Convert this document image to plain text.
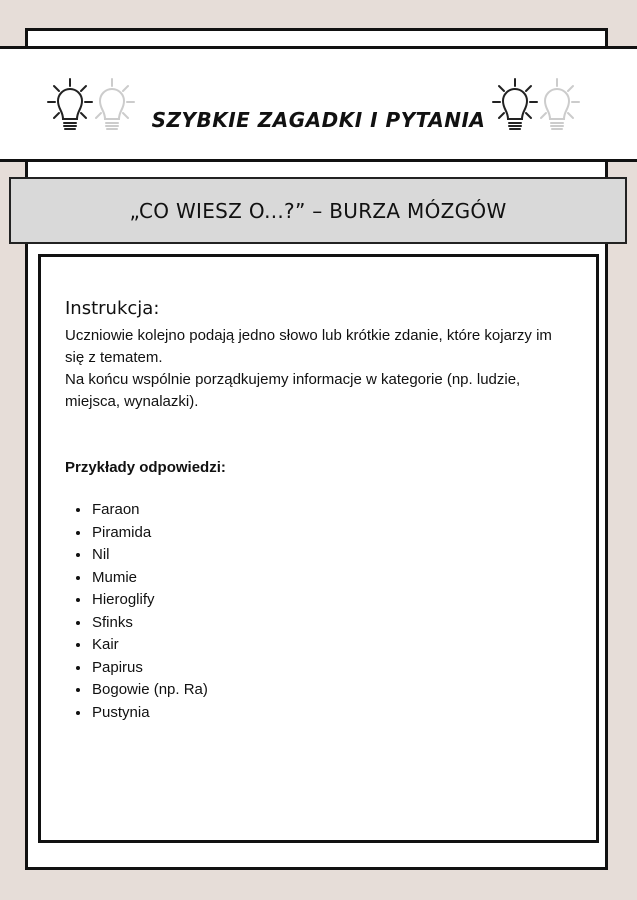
SZYBKIE ZAGADKI I PYTANIA
„CO WIESZ O...?” – BURZA MÓZGÓW
Instrukcja:

Uczniowie kolejno podają jedno słowo lub krótkie zdanie, które kojarzy im się z tematem.

Na końcu wspólnie porządkujemy informacje w kategorie (np. ludzie, miejsca, wynalazki).

Przykłady odpowiedzi:
• Faraon
• Piramida
• Nil
• Mumie
• Hieroglify
• Sfinks
• Kair
• Papirus
• Bogowie (np. Ra)
• Pustynia
